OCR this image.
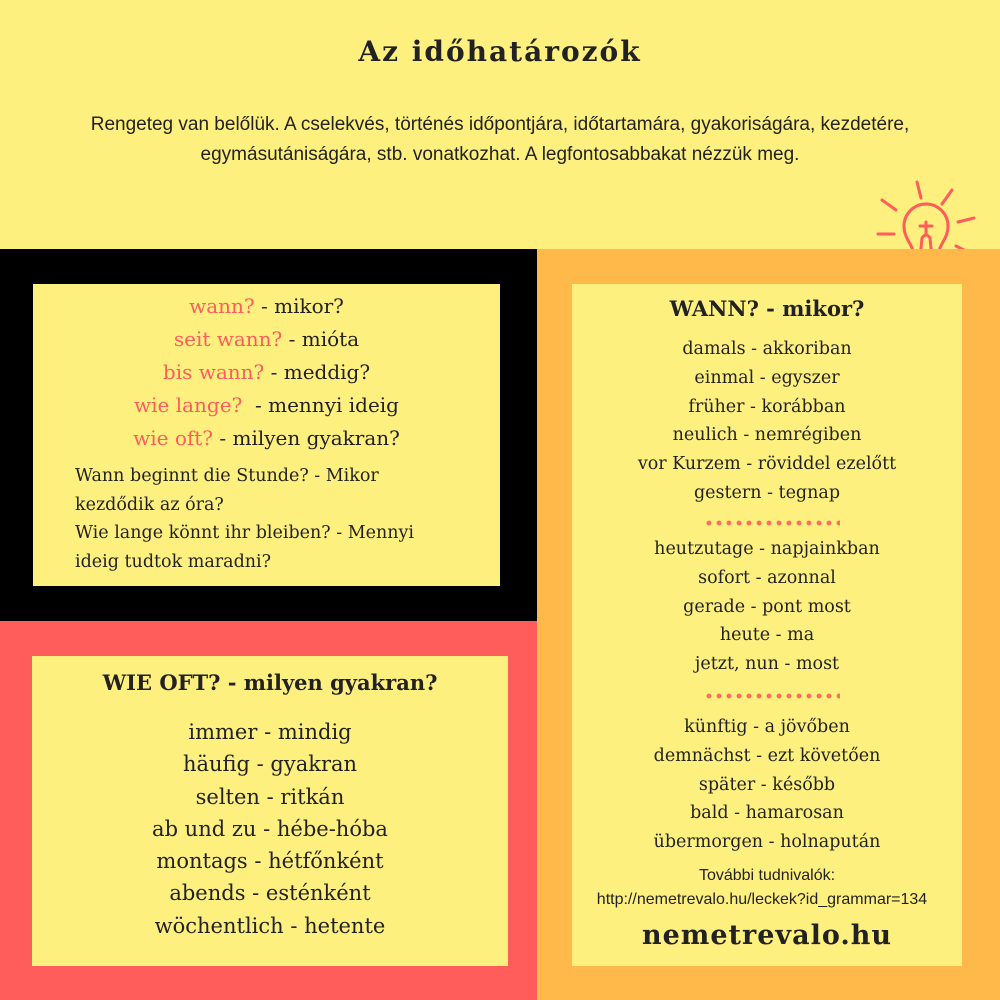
Az időhatározók
Rengeteg van belőlük. A cselekvés, történés időpontjára, időtartamára, gyakoriságára, kezdetére,
egymásutániságára, stb. vonatkozhat. A legfontosabbakat nézzük meg.
wann? - mikor?
seit wann? - mióta
bis wann? - meddig?
wie lange?  - mennyi ideig
wie oft? - milyen gyakran?
Wann beginnt die Stunde? - Mikor
kezdődik az óra?
Wie lange könnt ihr bleiben? - Mennyi
ideig tudtok maradni?
WIE OFT? - milyen gyakran?
immer - mindig
häufig - gyakran
selten - ritkán
ab und zu - hébe-hóba
montags - hétfőnként
abends - esténként
wöchentlich - hetente
WANN? - mikor?
damals - akkoriban
einmal - egyszer
früher - korábban
neulich - nemrégiben
vor Kurzem - röviddel ezelőtt
gestern - tegnap
heutzutage - napjainkban
sofort - azonnal
gerade - pont most
heute - ma
jetzt, nun - most
künftig - a jövőben
demnächst - ezt követően
später - később
bald - hamarosan
übermorgen - holnapután
További tudnivalók:
http://nemetrevalo.hu/leckek?id_grammar=134
nemetrevalo.hu
